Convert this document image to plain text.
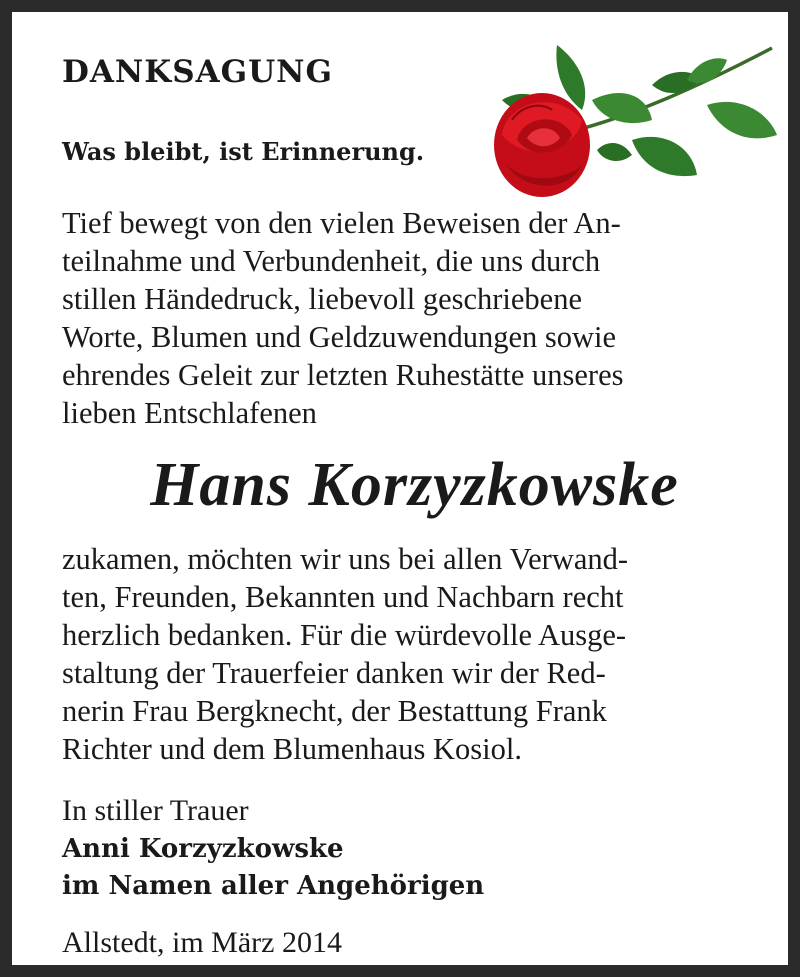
DANKSAGUNG
Was bleibt, ist Erinnerung.
Tief bewegt von den vielen Beweisen der An-
teilnahme und Verbundenheit, die uns durch
stillen Händedruck, liebevoll geschriebene
Worte, Blumen und Geldzuwendungen sowie
ehrendes Geleit zur letzten Ruhestätte unseres
lieben Entschlafenen
Hans Korzyzkowske
zukamen, möchten wir uns bei allen Verwand-
ten, Freunden, Bekannten und Nachbarn recht
herzlich bedanken. Für die würdevolle Ausge-
staltung der Trauerfeier danken wir der Red-
nerin Frau Bergknecht, der Bestattung Frank
Richter und dem Blumenhaus Kosiol.
In stiller Trauer
Anni Korzyzkowske
im Namen aller Angehörigen
Allstedt, im März 2014
